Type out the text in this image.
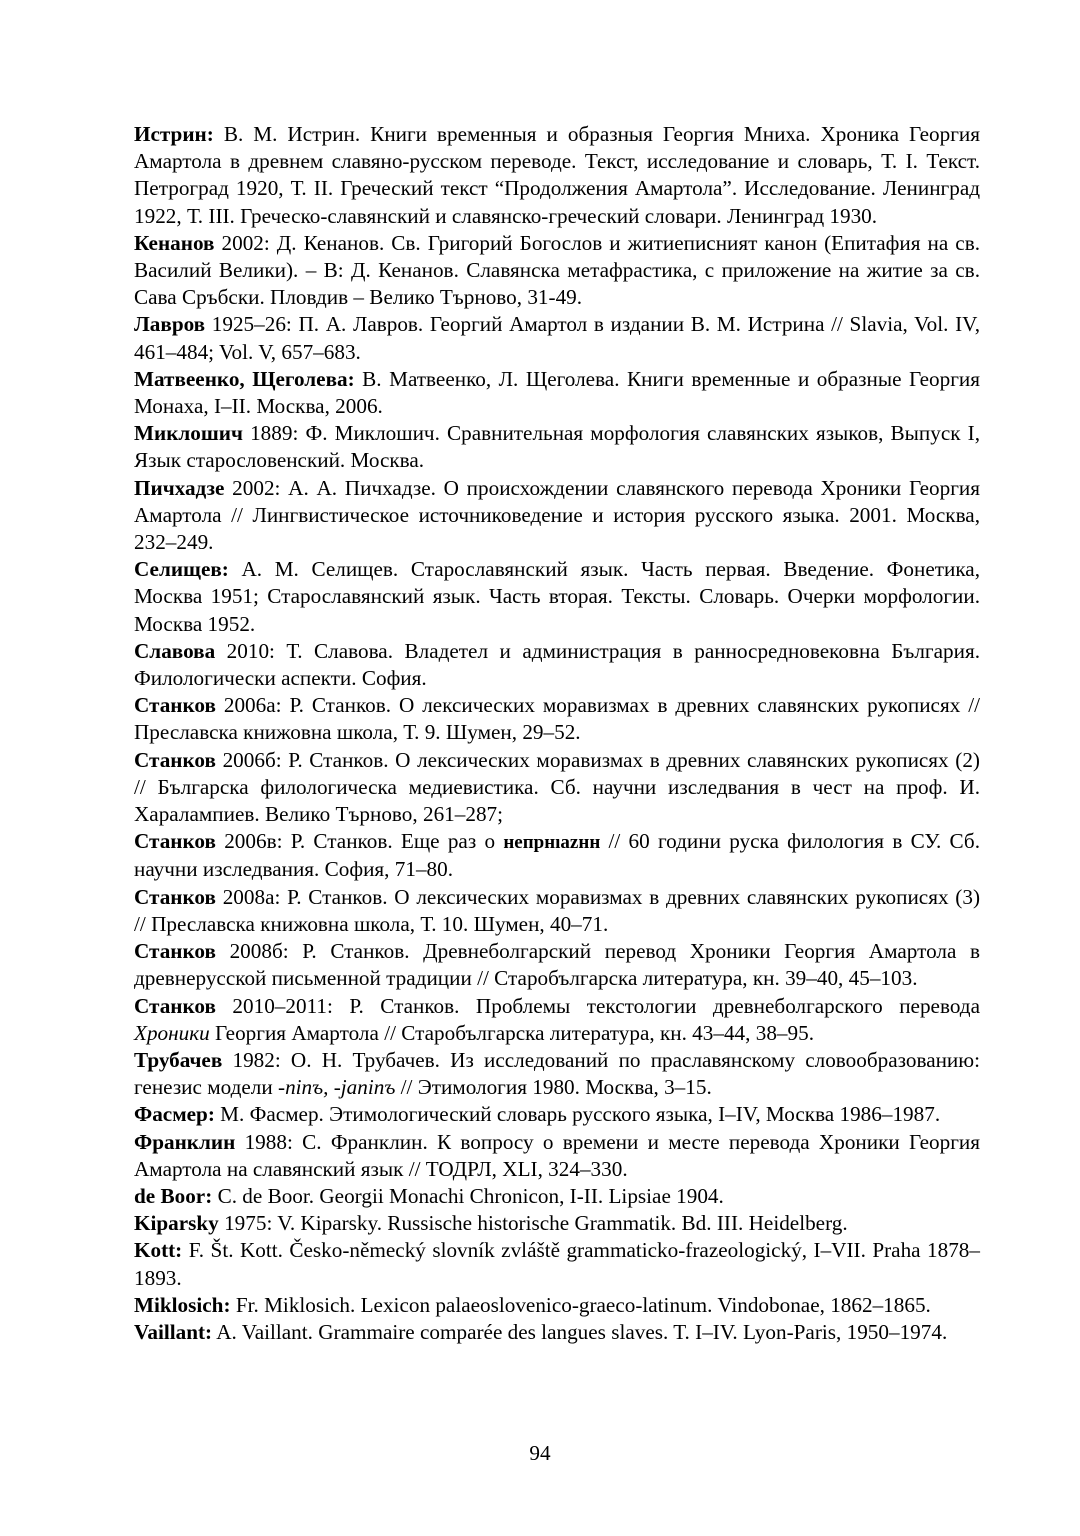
Истрин: В. М. Истрин. Книги временныя и образныя Георгия Мниха. Хроника Георгия Амартола в древнем славяно-русском переводе. Текст, исследование и словарь, Т. I. Текст. Петроград 1920, Т. II. Греческий текст “Продолжения Амартола”. Исследование. Ленинград 1922, Т. III. Греческо-славянский и славянско-греческий словари. Ленинград 1930.

Кенанов 2002: Д. Кенанов. Св. Григорий Богослов и житиеписният канон (Епитафия на св. Василий Велики). – В: Д. Кенанов. Славянска метафрастика, с приложение на житие за св. Сава Сръбски. Пловдив – Велико Търново, 31-49.

Лавров 1925–26: П. А. Лавров. Георгий Амартол в издании В. М. Истрина // Slavia, Vol. IV, 461–484; Vol. V, 657–683.

Матвеенко, Щеголева: В. Матвеенко, Л. Щеголева. Книги временные и образные Георгия Монаха, I–II. Москва, 2006.

Миклошич 1889: Ф. Миклошич. Сравнительная морфология славянских языков, Выпуск I, Язык старословенский. Москва.

Пичхадзе 2002: А. А. Пичхадзе. О происхождении славянского перевода Хроники Георгия Амартола // Лингвистическое источниковедение и история русского языка. 2001. Москва, 232–249.

Селищев: А. М. Селищев. Старославянский язык. Часть первая. Введение. Фонетика, Москва 1951; Старославянский язык. Часть вторая. Тексты. Словарь. Очерки морфологии. Москва 1952.

Славова 2010: Т. Славова. Владетел и администрация в ранносредновековна България. Филологически аспекти. София.

Станков 2006а: Р. Станков. О лексических моравизмах в древних славянских рукописях // Преславска книжовна школа, Т. 9. Шумен, 29–52.

Станков 2006б: Р. Станков. О лексических моравизмах в древних славянских рукописях (2) // Българска филологическа медиевистика. Сб. научни изследвания в чест на проф. И. Харалампиев. Велико Търново, 261–287;

Станков 2006в: Р. Станков. Еще раз о непрнıаzнн // 60 години руска филология в СУ. Сб. научни изследвания. София, 71–80.

Станков 2008а: Р. Станков. О лексических моравизмах в древних славянских рукописях (3) // Преславска книжовна школа, Т. 10. Шумен, 40–71.

Станков 2008б: Р. Станков. Древнеболгарский перевод Хроники Георгия Амартола в древнерусской письменной традиции // Старобългарска литература, кн. 39–40, 45–103.

Станков 2010–2011: Р. Станков. Проблемы текстологии древнеболгарского перевода Хроники Георгия Амартола // Старобългарска литература, кн. 43–44, 38–95.

Трубачев 1982: О. Н. Трубачев. Из исследований по праславянскому словообразованию: генезис модели -ninъ, -janinъ // Этимология 1980. Москва, 3–15.

Фасмер: М. Фасмер. Этимологический словарь русского языка, I–IV, Москва 1986–1987.

Франклин 1988: С. Франклин. К вопросу о времени и месте перевода Хроники Георгия Амартола на славянский язык // ТОДРЛ, XLI, 324–330.

de Boor: C. de Boor. Georgii Monachi Chronicon, I-II. Lipsiae 1904.

Kiparsky 1975: V. Kiparsky. Russische historische Grammatik. Bd. III. Heidelberg.

Kott: F. Št. Kott. Česko-německý slovník zvláště grammaticko-frazeologický, I–VII. Praha 1878–1893.

Miklosich: Fr. Miklosich. Lexicon palaeoslovenico-graeco-latinum. Vindobonae, 1862–1865.

Vaillant: A. Vaillant. Grammaire comparée des langues slaves. T. I–IV. Lyon-Paris, 1950–1974.

94
